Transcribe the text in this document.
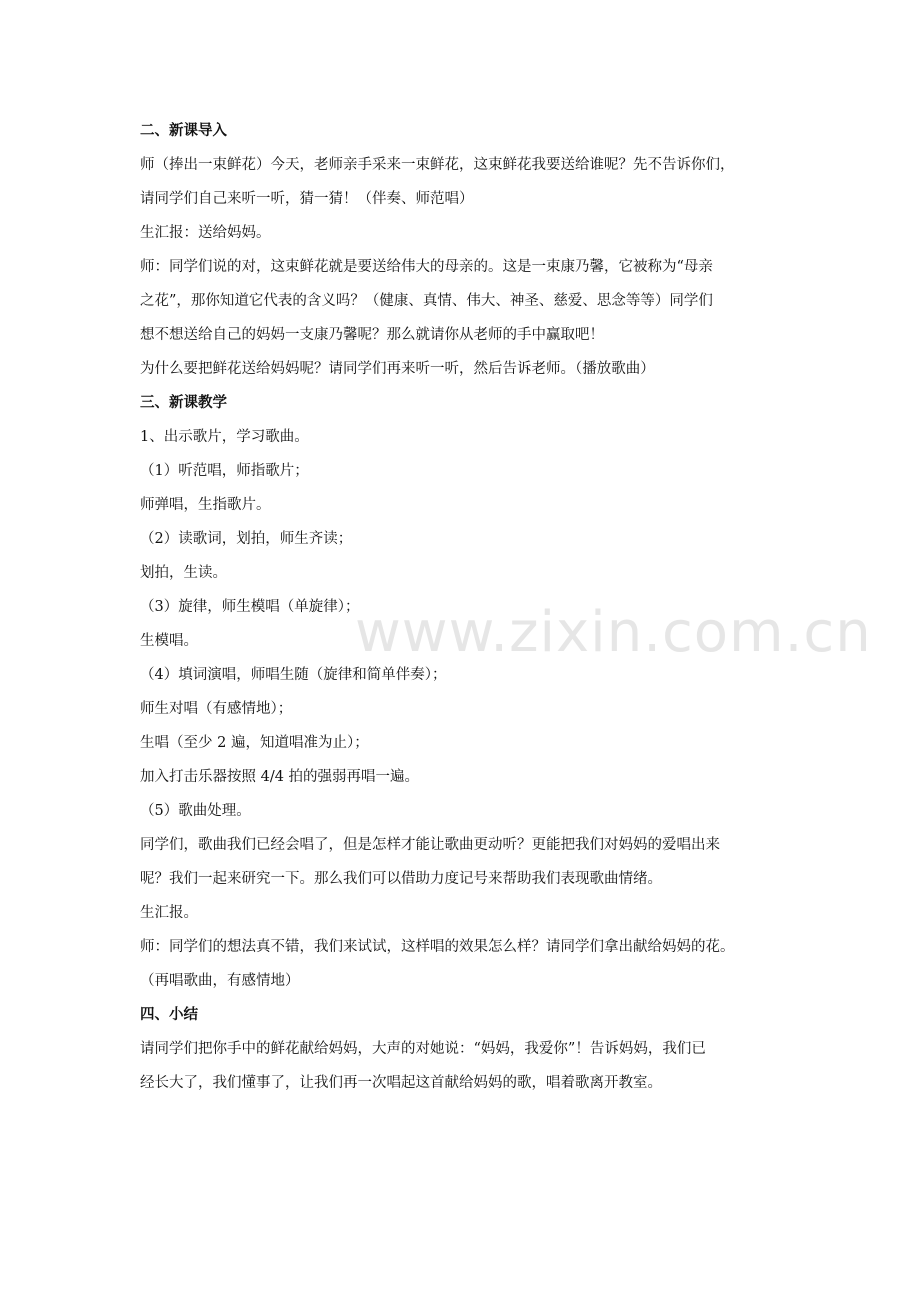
www.zixin.com.cn
二、新课导入
师（捧出一束鲜花）今天，老师亲手采来一束鲜花，这束鲜花我要送给谁呢？先不告诉你们，
请同学们自己来听一听，猜一猜！（伴奏、师范唱）
生汇报：送给妈妈。
师：同学们说的对，这束鲜花就是要送给伟大的母亲的。这是一束康乃馨，它被称为“母亲
之花”，那你知道它代表的含义吗？（健康、真情、伟大、神圣、慈爱、思念等等）同学们
想不想送给自己的妈妈一支康乃馨呢？那么就请你从老师的手中赢取吧！
为什么要把鲜花送给妈妈呢？请同学们再来听一听，然后告诉老师。（播放歌曲）
三、新课教学
1、出示歌片，学习歌曲。
（1）听范唱，师指歌片；
师弹唱，生指歌片。
（2）读歌词，划拍，师生齐读；
划拍，生读。
（3）旋律，师生模唱（单旋律）；
生模唱。
（4）填词演唱，师唱生随（旋律和简单伴奏）；
师生对唱（有感情地）；
生唱（至少 2 遍，知道唱准为止）；
加入打击乐器按照 4/4 拍的强弱再唱一遍。
（5）歌曲处理。
同学们，歌曲我们已经会唱了，但是怎样才能让歌曲更动听？更能把我们对妈妈的爱唱出来
呢？我们一起来研究一下。那么我们可以借助力度记号来帮助我们表现歌曲情绪。
生汇报。
师：同学们的想法真不错，我们来试试，这样唱的效果怎么样？请同学们拿出献给妈妈的花。
（再唱歌曲，有感情地）
四、小结
请同学们把你手中的鲜花献给妈妈，大声的对她说：“妈妈，我爱你”！告诉妈妈，我们已
经长大了，我们懂事了，让我们再一次唱起这首献给妈妈的歌，唱着歌离开教室。
